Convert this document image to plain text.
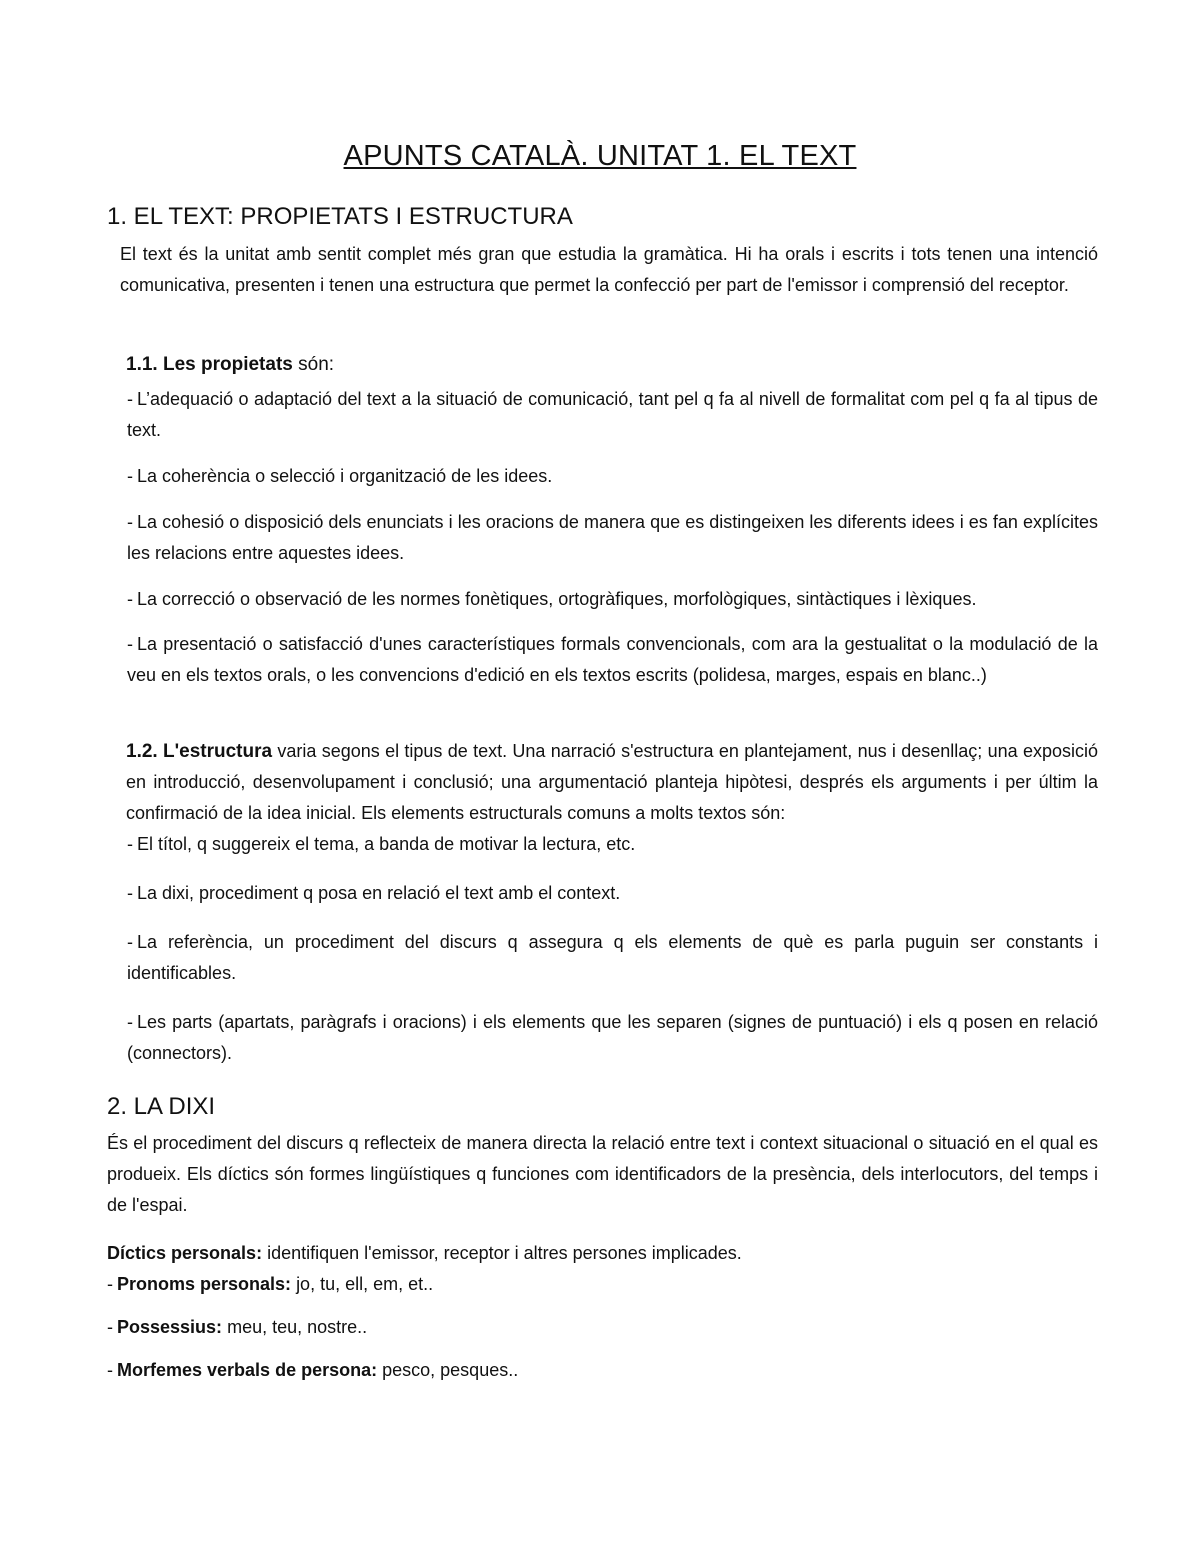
APUNTS CATALÀ. UNITAT 1. EL TEXT
1. EL TEXT: PROPIETATS I ESTRUCTURA

El text és la unitat amb sentit complet més gran que estudia la gramàtica. Hi ha orals i escrits i tots tenen una intenció comunicativa, presenten i tenen una estructura que permet la confecció per part de l'emissor i comprensió del receptor.

1.1. Les propietats són:

- L’adequació o adaptació del text a la situació de comunicació, tant pel q fa al nivell de formalitat com pel q fa al tipus de text.

- La coherència o selecció i organització de les idees.

- La cohesió o disposició dels enunciats i les oracions de manera que es distingeixen les diferents idees i es fan explícites les relacions entre aquestes idees.

- La correcció o observació de les normes fonètiques, ortogràfiques, morfològiques, sintàctiques i lèxiques.

- La presentació o satisfacció d'unes característiques formals convencionals, com ara la gestualitat o la modulació de la veu en els textos orals, o les convencions d'edició en els textos escrits (polidesa, marges, espais en blanc..)

1.2. L'estructura varia segons el tipus de text. Una narració s'estructura en plantejament, nus i desenllaç; una exposició en introducció, desenvolupament i conclusió; una argumentació planteja hipòtesi, després els arguments i per últim la confirmació de la idea inicial. Els elements estructurals comuns a molts textos són:

- El títol, q suggereix el tema, a banda de motivar la lectura, etc.

- La dixi, procediment q posa en relació el text amb el context.

- La referència, un procediment del discurs q assegura q els elements de què es parla puguin ser constants i identificables.

- Les parts (apartats, paràgrafs i oracions) i els elements que les separen (signes de puntuació) i els q posen en relació (connectors).

2. LA DIXI

És el procediment del discurs q reflecteix de manera directa la relació entre text i context situacional o situació en el qual es produeix. Els díctics són formes lingüístiques q funciones com identificadors de la presència, dels interlocutors, del temps i de l'espai.

Díctics personals: identifiquen l'emissor, receptor i altres persones implicades.
- Pronoms personals: jo, tu, ell, em, et..
- Possessius: meu, teu, nostre..
- Morfemes verbals de persona: pesco, pesques..
